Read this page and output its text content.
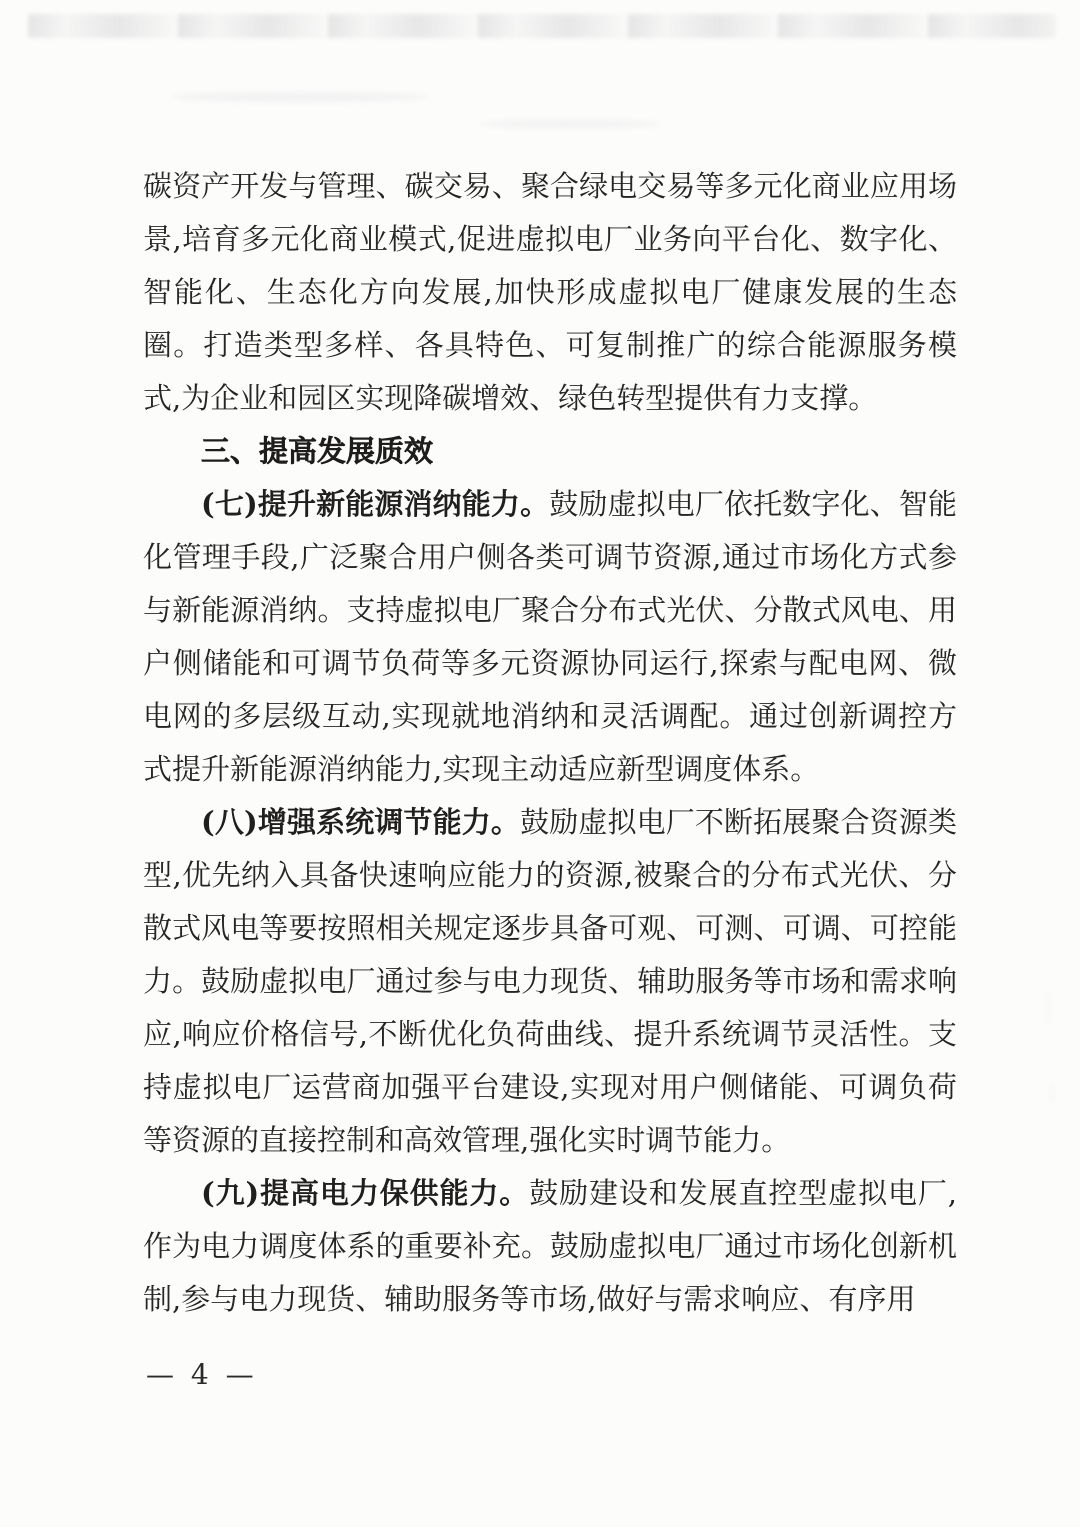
碳资产开发与管理、碳交易、聚合绿电交易等多元化商业应用场景,培育多元化商业模式,促进虚拟电厂业务向平台化、数字化、智能化、生态化方向发展,加快形成虚拟电厂健康发展的生态圈。打造类型多样、各具特色、可复制推广的综合能源服务模式,为企业和园区实现降碳增效、绿色转型提供有力支撑。

三、提高发展质效

(七)提升新能源消纳能力。鼓励虚拟电厂依托数字化、智能化管理手段,广泛聚合用户侧各类可调节资源,通过市场化方式参与新能源消纳。支持虚拟电厂聚合分布式光伏、分散式风电、用户侧储能和可调节负荷等多元资源协同运行,探索与配电网、微电网的多层级互动,实现就地消纳和灵活调配。通过创新调控方式提升新能源消纳能力,实现主动适应新型调度体系。

(八)增强系统调节能力。鼓励虚拟电厂不断拓展聚合资源类型,优先纳入具备快速响应能力的资源,被聚合的分布式光伏、分散式风电等要按照相关规定逐步具备可观、可测、可调、可控能力。鼓励虚拟电厂通过参与电力现货、辅助服务等市场和需求响应,响应价格信号,不断优化负荷曲线、提升系统调节灵活性。支持虚拟电厂运营商加强平台建设,实现对用户侧储能、可调负荷等资源的直接控制和高效管理,强化实时调节能力。

(九)提高电力保供能力。鼓励建设和发展直控型虚拟电厂,作为电力调度体系的重要补充。鼓励虚拟电厂通过市场化创新机制,参与电力现货、辅助服务等市场,做好与需求响应、有序用

— 4 —
